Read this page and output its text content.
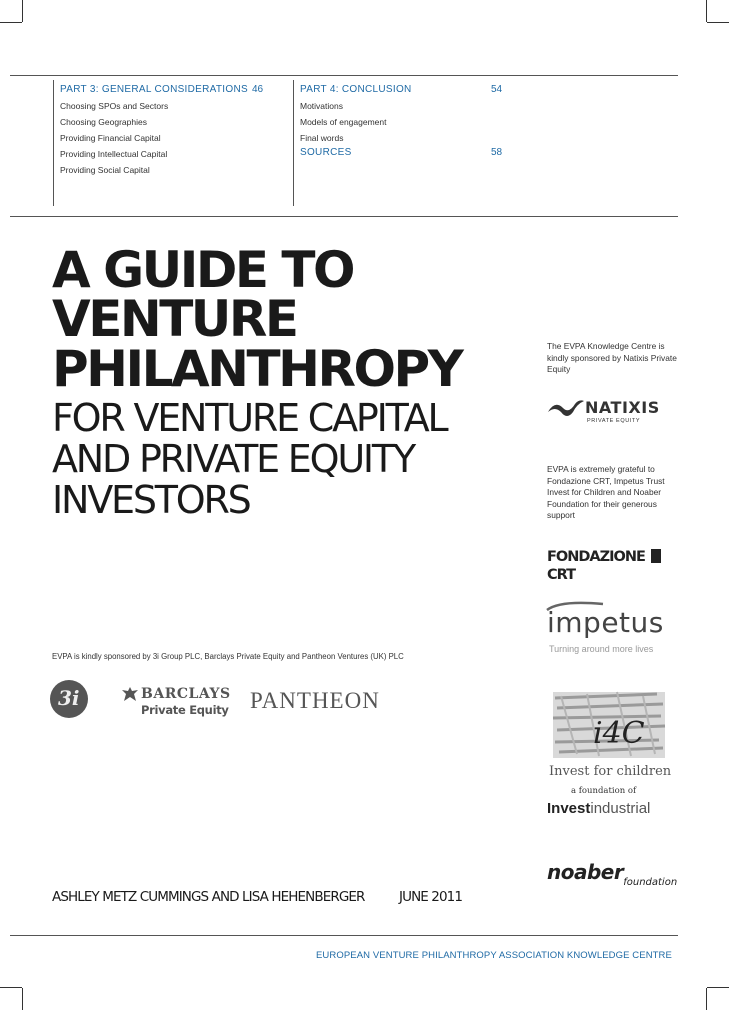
PART 3: GENERAL CONSIDERATIONS 46
Choosing SPOs and Sectors
Choosing Geographies
Providing Financial Capital
Providing Intellectual Capital
Providing Social Capital
PART 4: CONCLUSION	54
Motivations
Models of engagement
Final words
SOURCES	58
A GUIDE TO
VENTURE
PHILANTHROPY
FOR VENTURE CAPITAL
AND PRIVATE EQUITY
INVESTORS
The EVPA Knowledge Centre is kindly sponsored by Natixis Private Equity
NATIXIS
PRIVATE EQUITY
EVPA is extremely grateful to Fondazione CRT, Impetus Trust Invest for Children and Noaber Foundation for their generous support
FONDAZIONE  CRT
impetus
Turning around more lives
i4C
Invest for children
a foundation of
Investindustrial
noaber$_{foundation}$
EVPA is kindly sponsored by 3i Group PLC, Barclays Private Equity and Pantheon Ventures (UK) PLC
3i	BARCLAYS
Private Equity PANTHEON
ASHLEY METZ CUMMINGS AND LISA HEHENBERGER	JUNE 2011
EUROPEAN VENTURE PHILANTHROPY ASSOCIATION KNOWLEDGE CENTRE
